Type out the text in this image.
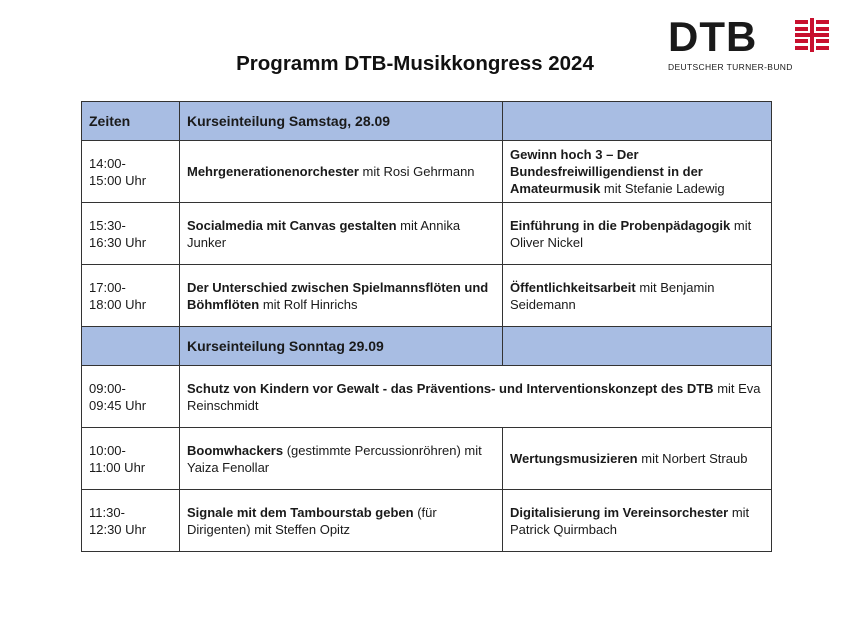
DTB
DEUTSCHER TURNER-BUND
Programm DTB-Musikkongress 2024
Zeiten	Kurseinteilung Samstag, 28.09	
14:00-
15:00 Uhr	Mehrgenerationenorchester mit Rosi Gehrmann	Gewinn hoch 3 – Der Bundesfreiwilligendienst in der Amateurmusik mit Stefanie Ladewig
15:30-
16:30 Uhr	Socialmedia mit Canvas gestalten mit Annika Junker	Einführung in die Probenpädagogik mit Oliver Nickel
17:00-
18:00 Uhr	Der Unterschied zwischen Spielmannsflöten und Böhmflöten mit Rolf Hinrichs	Öffentlichkeitsarbeit mit Benjamin Seidemann
	Kurseinteilung Sonntag 29.09	
09:00-
09:45 Uhr	Schutz von Kindern vor Gewalt - das Präventions- und Interventionskonzept des DTB mit Eva Reinschmidt	
10:00-
11:00 Uhr	Boomwhackers (gestimmte Percussionröhren) mit Yaiza Fenollar	Wertungsmusizieren mit Norbert Straub
11:30-
12:30 Uhr	Signale mit dem Tambourstab geben (für Dirigenten) mit Steffen Opitz	Digitalisierung im Vereinsorchester mit Patrick Quirmbach
